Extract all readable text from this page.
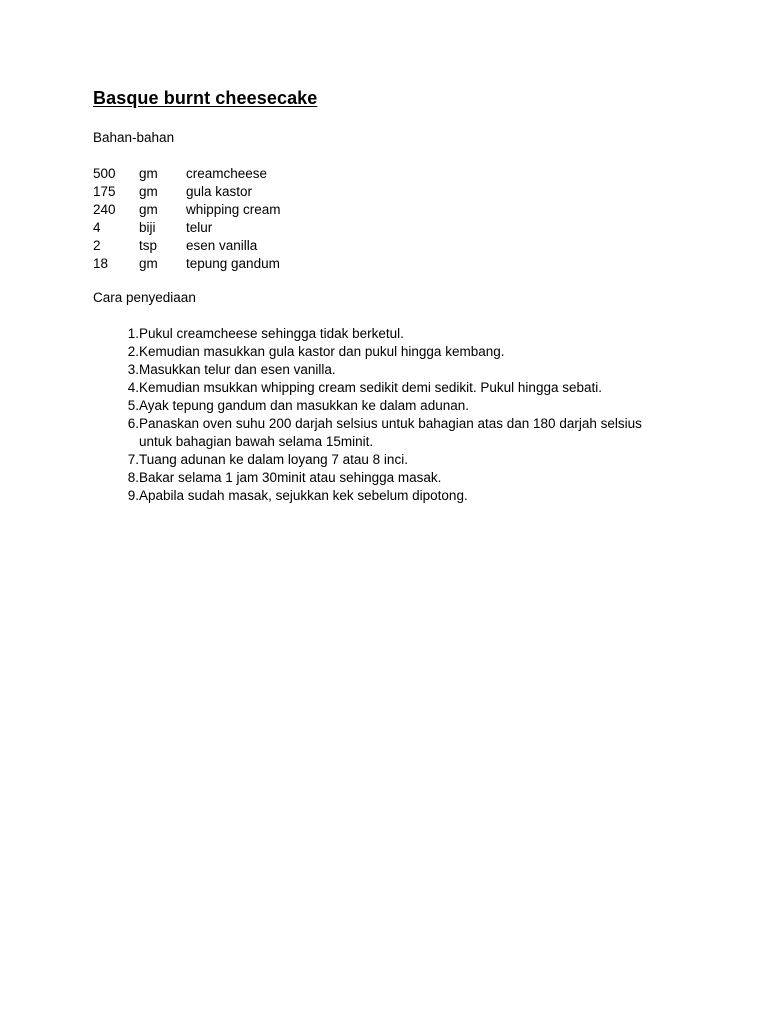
Basque burnt cheesecake
Bahan-bahan
500	gm	creamcheese
175	gm	gula kastor
240	gm	whipping cream
4	biji	telur
2	tsp	esen vanilla
18	gm	tepung gandum
Cara penyediaan
1. Pukul creamcheese sehingga tidak berketul.
2. Kemudian masukkan gula kastor dan pukul hingga kembang.
3. Masukkan telur dan esen vanilla.
4. Kemudian msukkan whipping cream sedikit demi sedikit. Pukul hingga sebati.
5. Ayak tepung gandum dan masukkan ke dalam adunan.
6. Panaskan oven suhu 200 darjah selsius untuk bahagian atas dan 180 darjah selsius
untuk bahagian bawah selama 15minit.
7. Tuang adunan ke dalam loyang 7 atau 8 inci.
8. Bakar selama 1 jam 30minit atau sehingga masak.
9. Apabila sudah masak, sejukkan kek sebelum dipotong.
